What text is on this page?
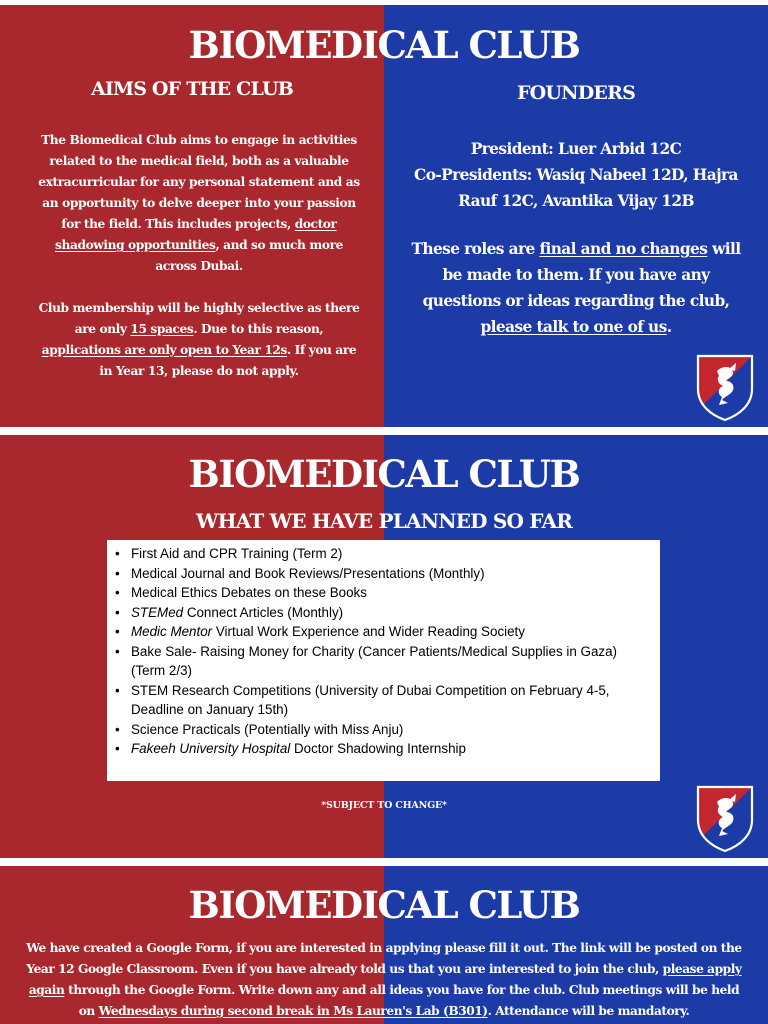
BIOMEDICAL CLUB
AIMS OF THE CLUB

The Biomedical Club aims to engage in activities related to the medical field, both as a valuable extracurricular for any personal statement and as an opportunity to delve deeper into your passion for the field. This includes projects, doctor shadowing opportunities, and so much more across Dubai.

Club membership will be highly selective as there are only 15 spaces. Due to this reason, applications are only open to Year 12s. If you are in Year 13, please do not apply.

FOUNDERS

President: Luer Arbid 12C
Co-Presidents: Wasiq Nabeel 12D, Hajra Rauf 12C, Avantika Vijay 12B

These roles are final and no changes will be made to them. If you have any questions or ideas regarding the club, please talk to one of us.

BIOMEDICAL CLUB
WHAT WE HAVE PLANNED SO FAR
• First Aid and CPR Training (Term 2)
• Medical Journal and Book Reviews/Presentations (Monthly)
• Medical Ethics Debates on these Books
• STEMed Connect Articles (Monthly)
• Medic Mentor Virtual Work Experience and Wider Reading Society
• Bake Sale- Raising Money for Charity (Cancer Patients/Medical Supplies in Gaza) (Term 2/3)
• STEM Research Competitions (University of Dubai Competition on February 4-5, Deadline on January 15th)
• Science Practicals (Potentially with Miss Anju)
• Fakeeh University Hospital Doctor Shadowing Internship
*SUBJECT TO CHANGE*
BIOMEDICAL CLUB
We have created a Google Form, if you are interested in applying please fill it out. The link will be posted on the Year 12 Google Classroom. Even if you have already told us that you are interested to join the club, please apply again through the Google Form. Write down any and all ideas you have for the club. Club meetings will be held on Wednesdays during second break in Ms Lauren's Lab (B301). Attendance will be mandatory.
